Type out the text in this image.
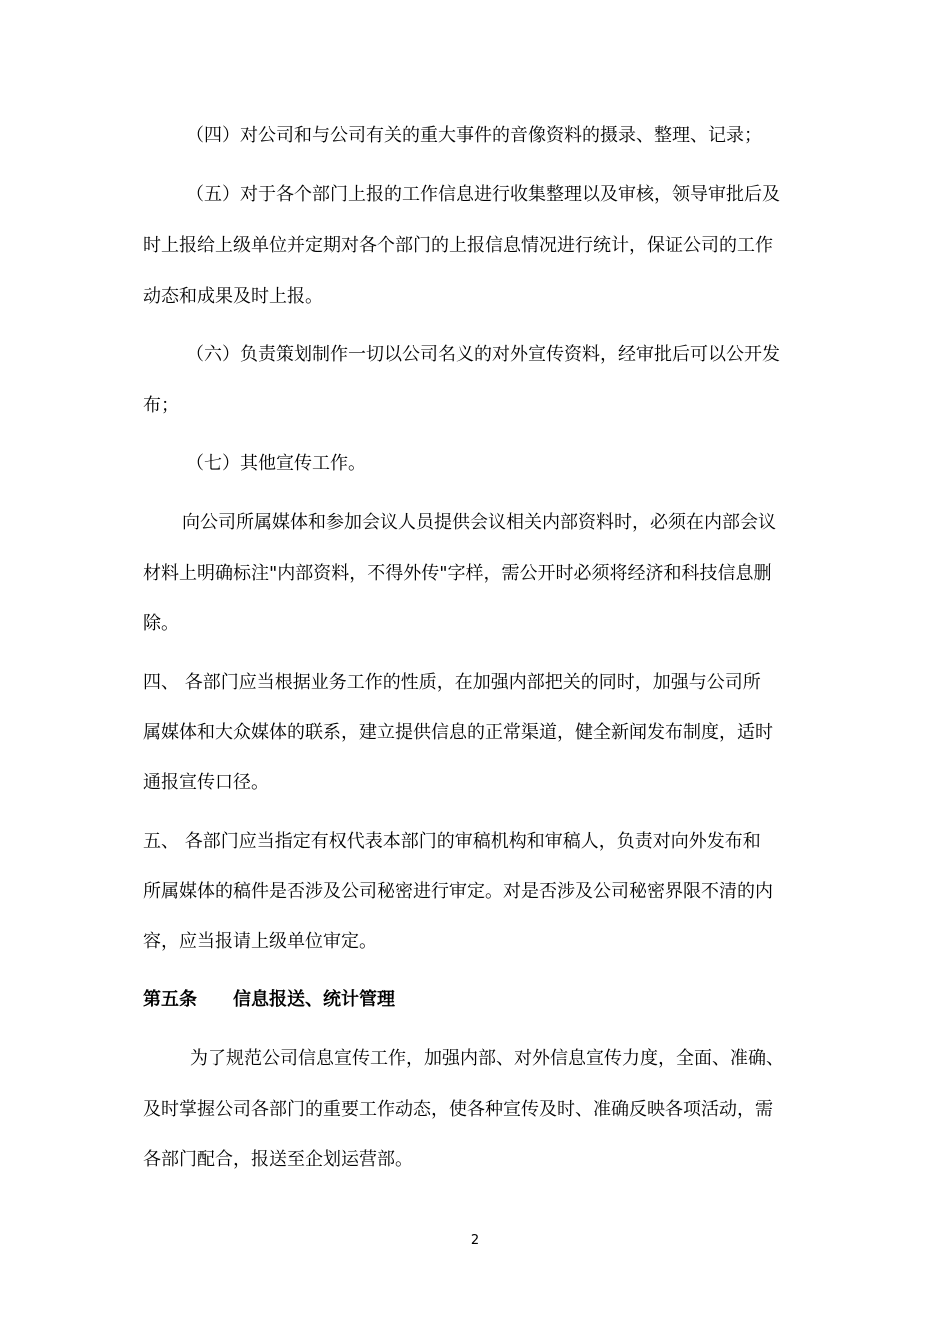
（四）对公司和与公司有关的重大事件的音像资料的摄录、整理、记录；
（五）对于各个部门上报的工作信息进行收集整理以及审核，领导审批后及
时上报给上级单位并定期对各个部门的上报信息情况进行统计，保证公司的工作
动态和成果及时上报。
（六）负责策划制作一切以公司名义的对外宣传资料，经审批后可以公开发
布；
（七）其他宣传工作。
向公司所属媒体和参加会议人员提供会议相关内部资料时，必须在内部会议
材料上明确标注"内部资料，不得外传"字样，需公开时必须将经济和科技信息删
除。
四、 各部门应当根据业务工作的性质，在加强内部把关的同时，加强与公司所
属媒体和大众媒体的联系，建立提供信息的正常渠道，健全新闻发布制度，适时
通报宣传口径。
五、 各部门应当指定有权代表本部门的审稿机构和审稿人，负责对向外发布和
所属媒体的稿件是否涉及公司秘密进行审定。对是否涉及公司秘密界限不清的内
容，应当报请上级单位审定。
第五条 信息报送、统计管理
为了规范公司信息宣传工作，加强内部、对外信息宣传力度，全面、准确、
及时掌握公司各部门的重要工作动态，使各种宣传及时、准确反映各项活动，需
各部门配合，报送至企划运营部。
2
